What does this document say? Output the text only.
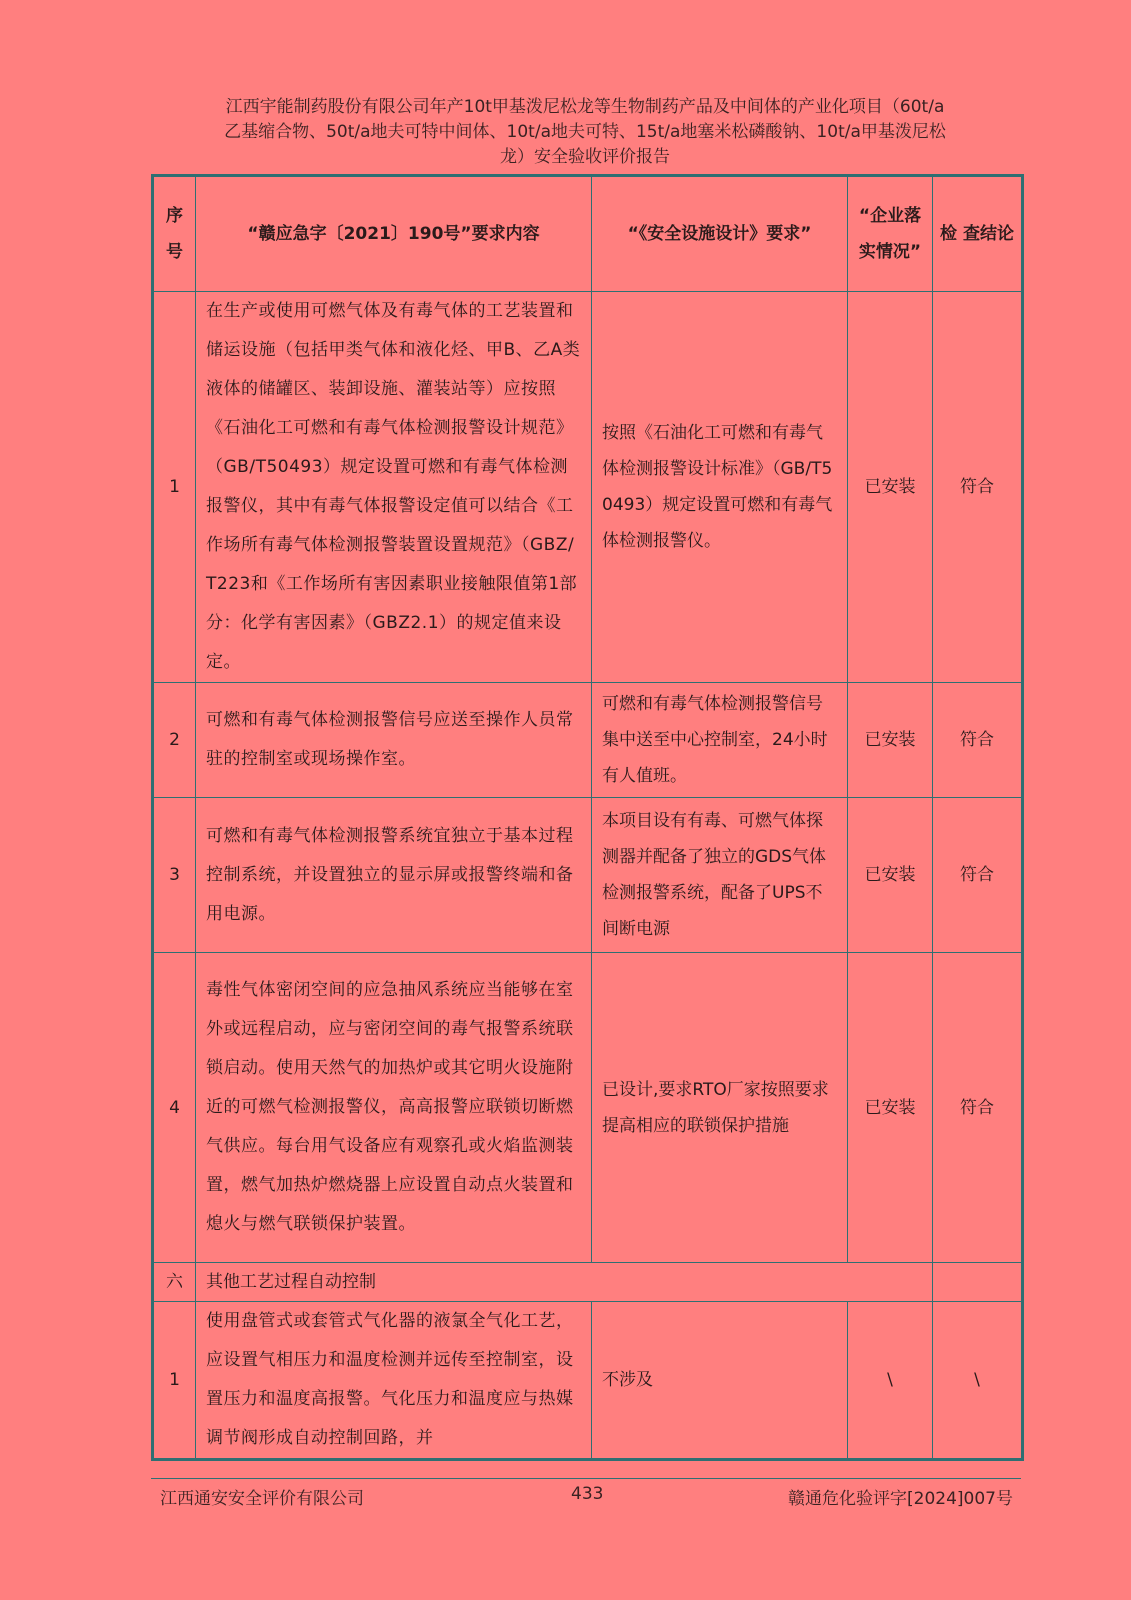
江西宇能制药股份有限公司年产10t甲基泼尼松龙等生物制药产品及中间体的产业化项目（60t/a
乙基缩合物、50t/a地夫可特中间体、10t/a地夫可特、15t/a地塞米松磷酸钠、10t/a甲基泼尼松
龙）安全验收评价报告
序号	“赣应急字〔2021〕190号”要求内容	“《安全设施设计》要求”	“企业落实情况”	检 查结论
1	在生产或使用可燃气体及有毒气体的工艺装置和储运设施（包括甲类气体和液化烃、甲B、乙A类液体的储罐区、装卸设施、灌装站等）应按照《石油化工可燃和有毒气体检测报警设计规范》（GB/T50493）规定设置可燃和有毒气体检测报警仪，其中有毒气体报警设定值可以结合《工作场所有毒气体检测报警装置设置规范》（GBZ/T223和《工作场所有害因素职业接触限值第1部分：化学有害因素》（GBZ2.1）的规定值来设定。	按照《石油化工可燃和有毒气体检测报警设计标准》（GB/T50493）规定设置可燃和有毒气体检测报警仪。	已安装	符合
2	可燃和有毒气体检测报警信号应送至操作人员常驻的控制室或现场操作室。	可燃和有毒气体检测报警信号集中送至中心控制室，24小时有人值班。	已安装	符合
3	可燃和有毒气体检测报警系统宜独立于基本过程控制系统，并设置独立的显示屏或报警终端和备用电源。	本项目设有有毒、可燃气体探测器并配备了独立的GDS气体检测报警系统，配备了UPS不间断电源	已安装	符合
4	毒性气体密闭空间的应急抽风系统应当能够在室外或远程启动，应与密闭空间的毒气报警系统联锁启动。使用天然气的加热炉或其它明火设施附近的可燃气检测报警仪，高高报警应联锁切断燃气供应。每台用气设备应有观察孔或火焰监测装置，燃气加热炉燃烧器上应设置自动点火装置和熄火与燃气联锁保护装置。	已设计,要求RTO厂家按照要求提高相应的联锁保护措施	已安装	符合
六	其他工艺过程自动控制			
1	使用盘管式或套管式气化器的液氯全气化工艺，应设置气相压力和温度检测并远传至控制室，设置压力和温度高报警。气化压力和温度应与热媒调节阀形成自动控制回路，并	不涉及	\	\
江西通安安全评价有限公司	433	赣通危化验评字[2024]007号
